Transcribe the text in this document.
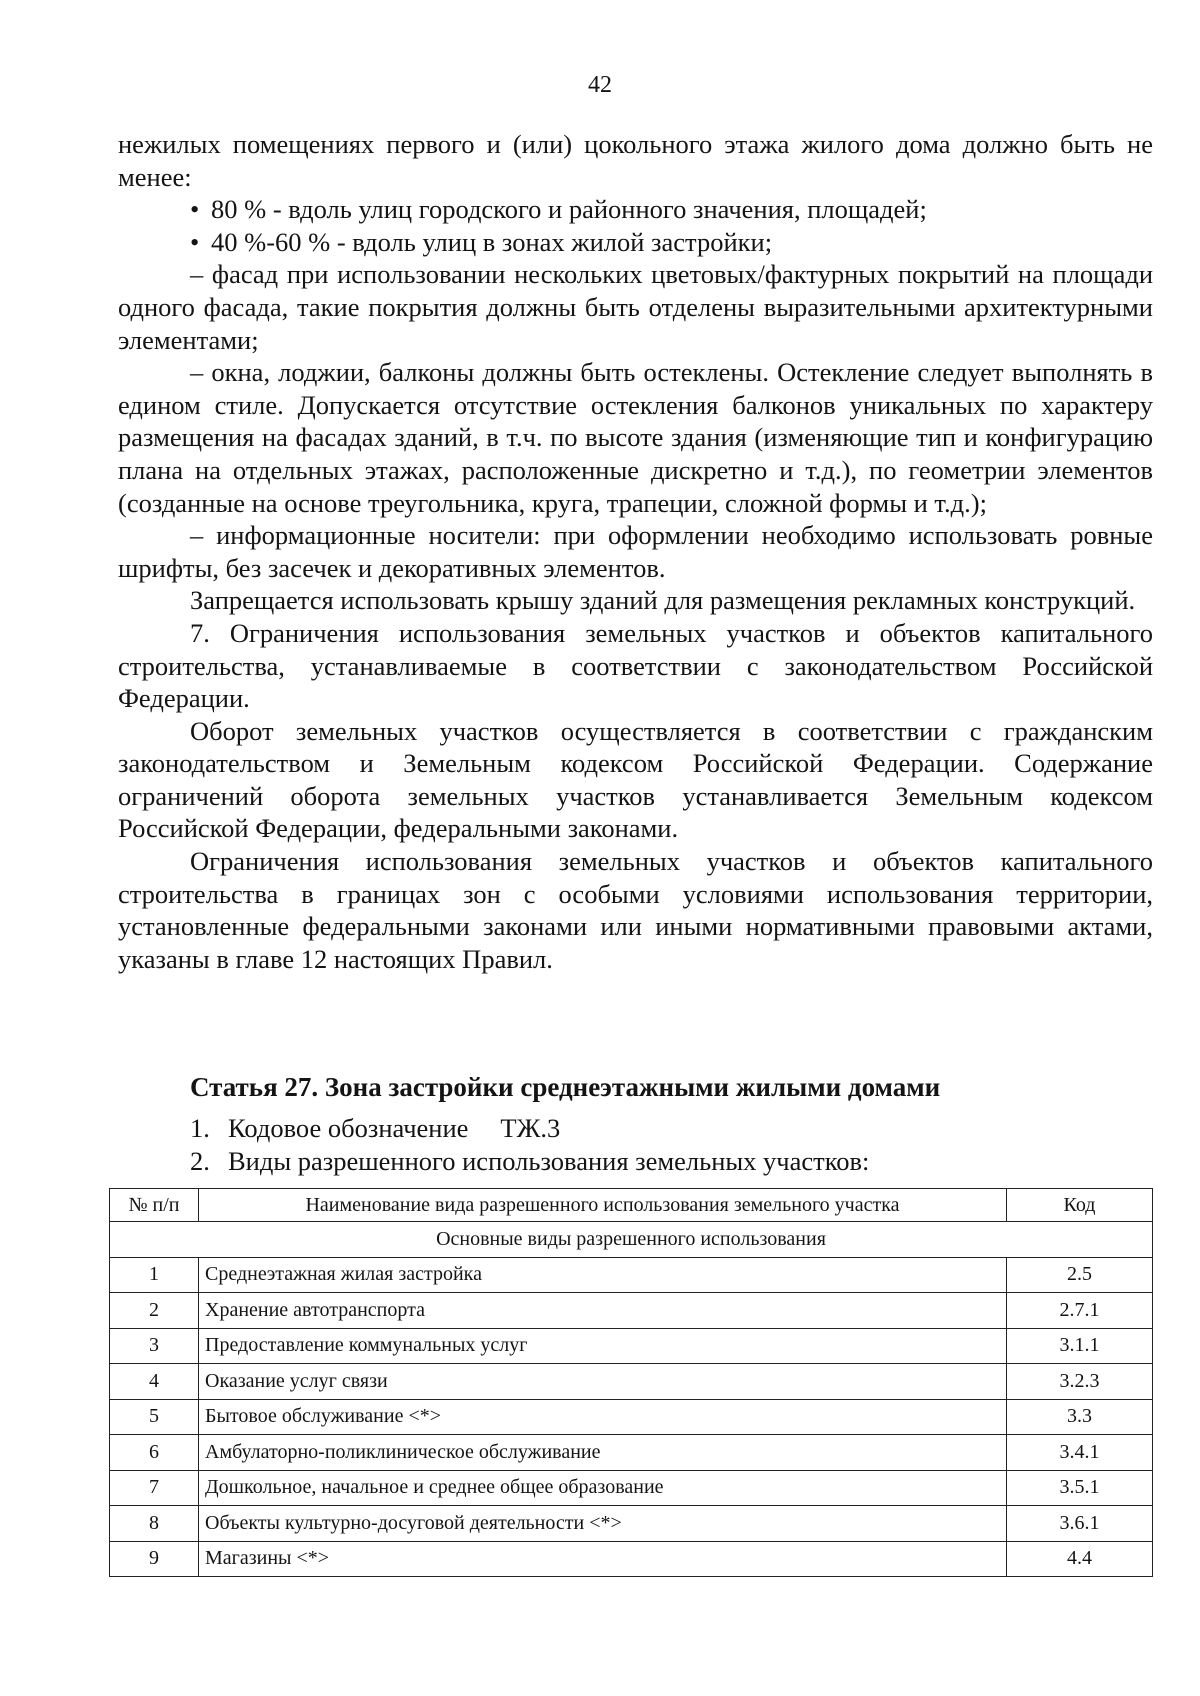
42

нежилых помещениях первого и (или) цокольного этажа жилого дома должно быть не менее:

• 80 % - вдоль улиц городского и районного значения, площадей;
• 40 %-60 % - вдоль улиц в зонах жилой застройки;

– фасад при использовании нескольких цветовых/фактурных покрытий на площади одного фасада, такие покрытия должны быть отделены выразительными архитектурными элементами;

– окна, лоджии, балконы должны быть остеклены. Остекление следует выполнять в едином стиле. Допускается отсутствие остекления балконов уникальных по характеру размещения на фасадах зданий, в т.ч. по высоте здания (изменяющие тип и конфигурацию плана на отдельных этажах, расположенные дискретно и т.д.), по геометрии элементов (созданные на основе треугольника, круга, трапеции, сложной формы и т.д.);

– информационные носители: при оформлении необходимо использовать ровные шрифты, без засечек и декоративных элементов.

Запрещается использовать крышу зданий для размещения рекламных конструкций.

7. Ограничения использования земельных участков и объектов капитального строительства, устанавливаемые в соответствии с законодательством Российской Федерации.

Оборот земельных участков осуществляется в соответствии с гражданским законодательством и Земельным кодексом Российской Федерации. Содержание ограничений оборота земельных участков устанавливается Земельным кодексом Российской Федерации, федеральными законами.

Ограничения использования земельных участков и объектов капитального строительства в границах зон с особыми условиями использования территории, установленные федеральными законами или иными нормативными правовыми актами, указаны в главе 12 настоящих Правил.

Статья 27. Зона застройки среднеэтажными жилыми домами
1. Кодовое обозначение ТЖ.3
2. Виды разрешенного использования земельных участков:
№ п/п	Наименование вида разрешенного использования земельного участка	Код
Основные виды разрешенного использования		
1	Среднеэтажная жилая застройка	2.5
2	Хранение автотранспорта	2.7.1
3	Предоставление коммунальных услуг	3.1.1
4	Оказание услуг связи	3.2.3
5	Бытовое обслуживание <*>	3.3
6	Амбулаторно-поликлиническое обслуживание	3.4.1
7	Дошкольное, начальное и среднее общее образование	3.5.1
8	Объекты культурно-досуговой деятельности <*>	3.6.1
9	Магазины <*>	4.4
